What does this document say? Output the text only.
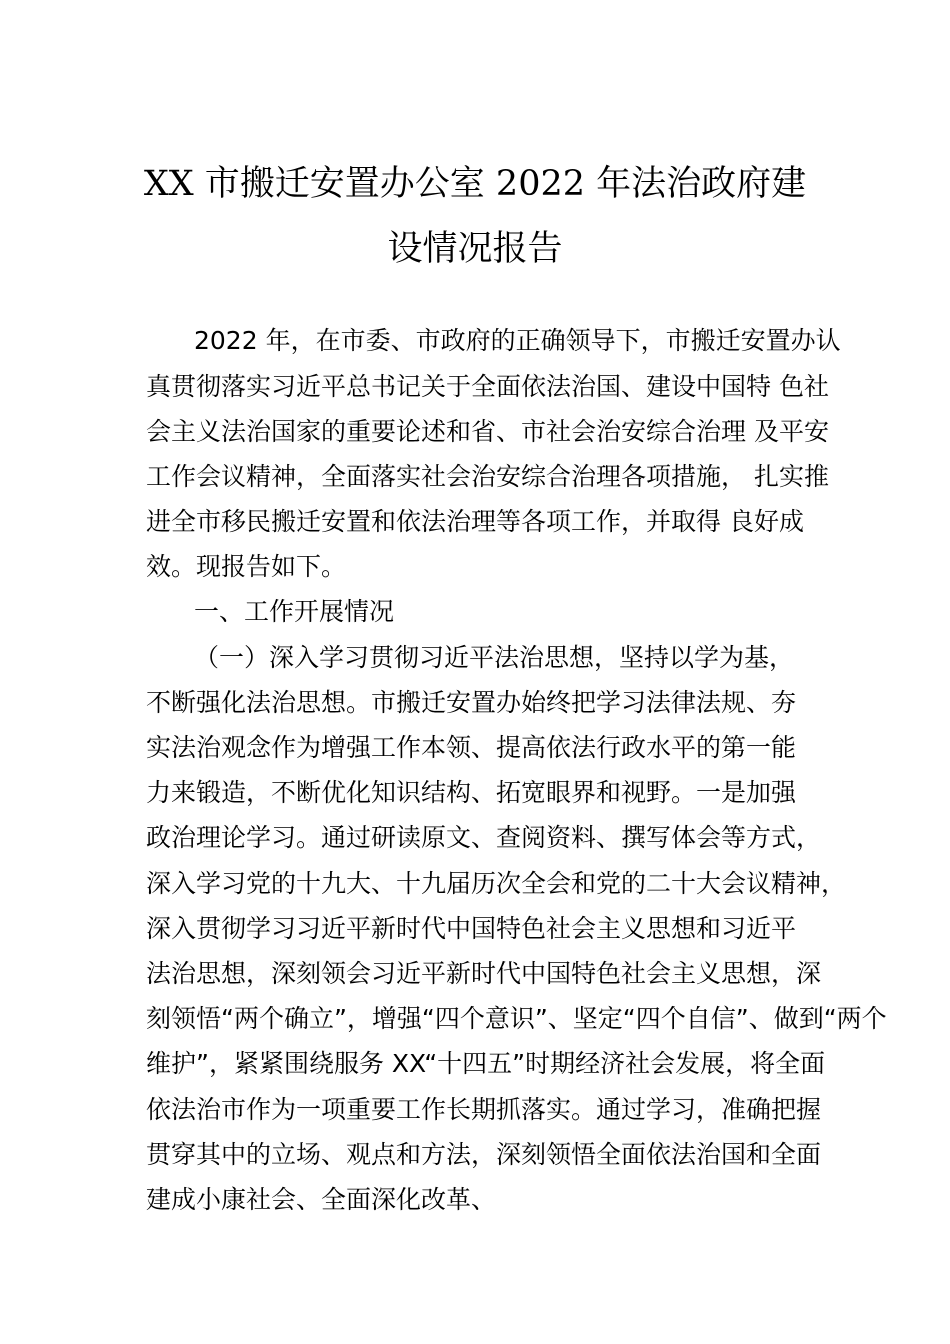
XX 市搬迁安置办公室 2022 年法治政府建
设情况报告
2022 年，在市委、市政府的正确领导下，市搬迁安置办认
真贯彻落实习近平总书记关于全面依法治国、建设中国特 色社
会主义法治国家的重要论述和省、市社会治安综合治理 及平安
工作会议精神，全面落实社会治安综合治理各项措施， 扎实推
进全市移民搬迁安置和依法治理等各项工作，并取得 良好成
效。现报告如下。
一、工作开展情况
（一）深入学习贯彻习近平法治思想，坚持以学为基，
不断强化法治思想。市搬迁安置办始终把学习法律法规、夯
实法治观念作为增强工作本领、提高依法行政水平的第一能
力来锻造，不断优化知识结构、拓宽眼界和视野。一是加强
政治理论学习。通过研读原文、查阅资料、撰写体会等方式，
深入学习党的十九大、十九届历次全会和党的二十大会议精神，
深入贯彻学习习近平新时代中国特色社会主义思想和习近平
法治思想，深刻领会习近平新时代中国特色社会主义思想，深
刻领悟“两个确立”，增强“四个意识”、坚定“四个自信”、做到“两个
维护”，紧紧围绕服务 XX“十四五”时期经济社会发展，将全面
依法治市作为一项重要工作长期抓落实。通过学习，准确把握
贯穿其中的立场、观点和方法，深刻领悟全面依法治国和全面
建成小康社会、全面深化改革、
